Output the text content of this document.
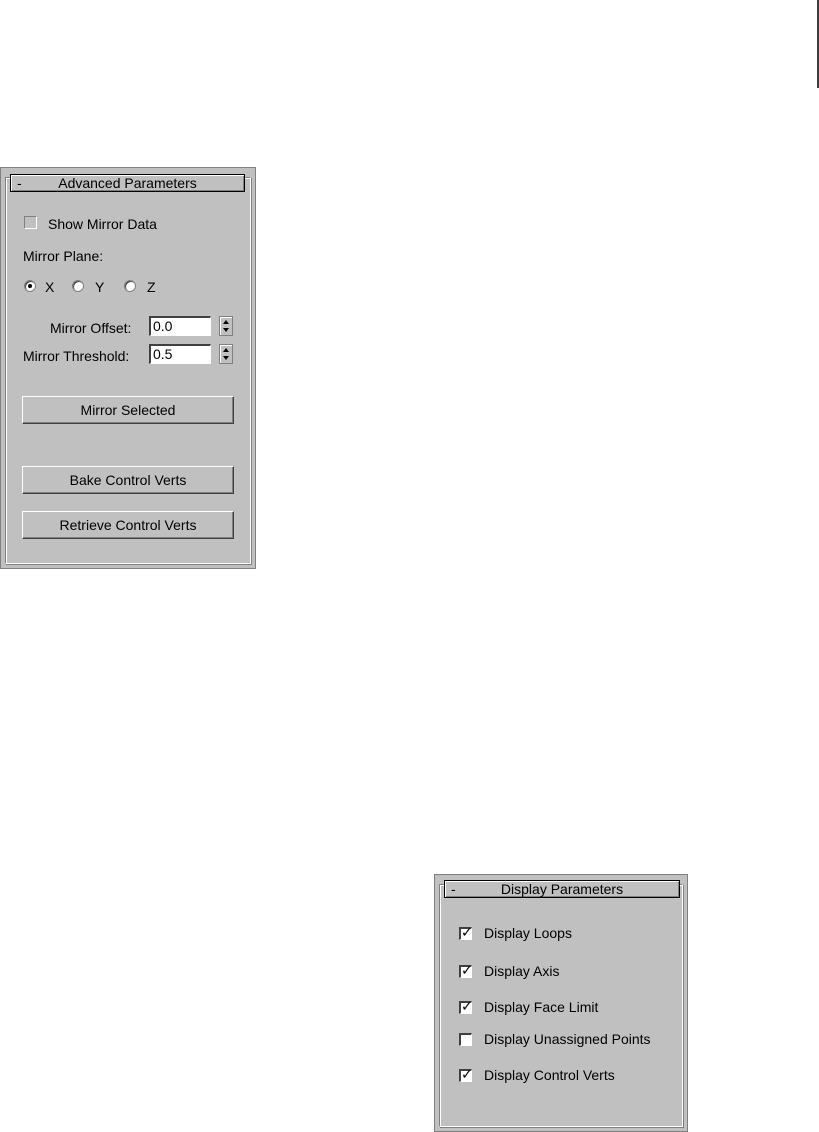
-	Advanced Parameters
Show Mirror Data
Mirror Plane:
X	Y	Z
Mirror Offset: 0.0
Mirror Threshold: 0.5
Mirror Selected
Bake Control Verts
Retrieve Control Verts
-	Display Parameters
✓ Display Loops
✓ Display Axis
✓ Display Face Limit
Display Unassigned Points
✓ Display Control Verts
